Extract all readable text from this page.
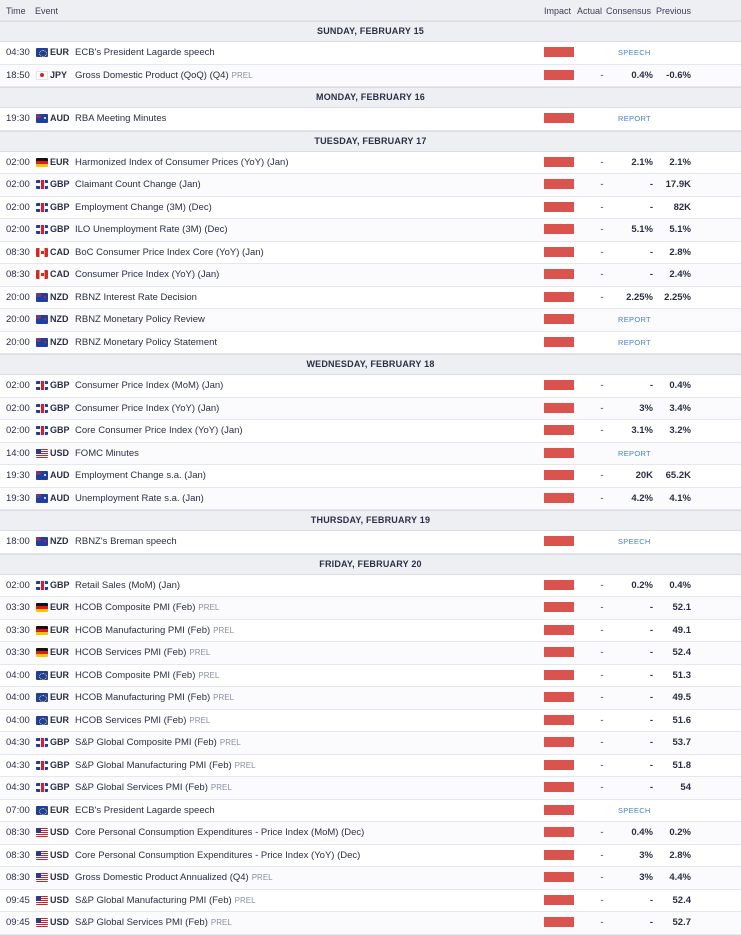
Time Event	Impact Actual Consensus Previous
SUNDAY, FEBRUARY 15
04:30 EUR ECB's President Lagarde speech	SPEECH
18:50 JPY Gross Domestic Product (QoQ) (Q4) PREL	-	0.4% -0.6%
MONDAY, FEBRUARY 16
19:30 AUD RBA Meeting Minutes	REPORT
TUESDAY, FEBRUARY 17
02:00 EUR Harmonized Index of Consumer Prices (YoY) (Jan)	-	2.1% 2.1%
02:00 GBP Claimant Count Change (Jan)	-	- 17.9K
02:00 GBP Employment Change (3M) (Dec)	-	- 82K
02:00 GBP ILO Unemployment Rate (3M) (Dec)	-	5.1% 5.1%
08:30 CAD BoC Consumer Price Index Core (YoY) (Jan)	-	- 2.8%
08:30 CAD Consumer Price Index (YoY) (Jan)	-	- 2.4%
20:00 NZD RBNZ Interest Rate Decision	-	2.25% 2.25%
20:00 NZD RBNZ Monetary Policy Review	REPORT
20:00 NZD RBNZ Monetary Policy Statement	REPORT
WEDNESDAY, FEBRUARY 18
02:00 GBP Consumer Price Index (MoM) (Jan)	-	- 0.4%
02:00 GBP Consumer Price Index (YoY) (Jan)	-	3% 3.4%
02:00 GBP Core Consumer Price Index (YoY) (Jan)	-	3.1% 3.2%
14:00 USD FOMC Minutes	REPORT
19:30 AUD Employment Change s.a. (Jan)	-	20K 65.2K
19:30 AUD Unemployment Rate s.a. (Jan)	-	4.2% 4.1%
THURSDAY, FEBRUARY 19
18:00 NZD RBNZ's Breman speech	SPEECH
FRIDAY, FEBRUARY 20
02:00 GBP Retail Sales (MoM) (Jan)	-	0.2% 0.4%
03:30 EUR HCOB Composite PMI (Feb) PREL	-	- 52.1
03:30 EUR HCOB Manufacturing PMI (Feb) PREL	-	- 49.1
03:30 EUR HCOB Services PMI (Feb) PREL	-	- 52.4
04:00 EUR HCOB Composite PMI (Feb) PREL	-	- 51.3
04:00 EUR HCOB Manufacturing PMI (Feb) PREL	-	- 49.5
04:00 EUR HCOB Services PMI (Feb) PREL	-	- 51.6
04:30 GBP S&P Global Composite PMI (Feb) PREL	-	- 53.7
04:30 GBP S&P Global Manufacturing PMI (Feb) PREL	-	- 51.8
04:30 GBP S&P Global Services PMI (Feb) PREL	-	-	54
07:00 EUR ECB's President Lagarde speech	SPEECH
08:30 USD Core Personal Consumption Expenditures - Price Index (MoM) (Dec)	-	0.4% 0.2%
08:30 USD Core Personal Consumption Expenditures - Price Index (YoY) (Dec)	-	3% 2.8%
08:30 USD Gross Domestic Product Annualized (Q4) PREL	-	3% 4.4%
09:45 USD S&P Global Manufacturing PMI (Feb) PREL	-	- 52.4
09:45 USD S&P Global Services PMI (Feb) PREL	-	- 52.7
